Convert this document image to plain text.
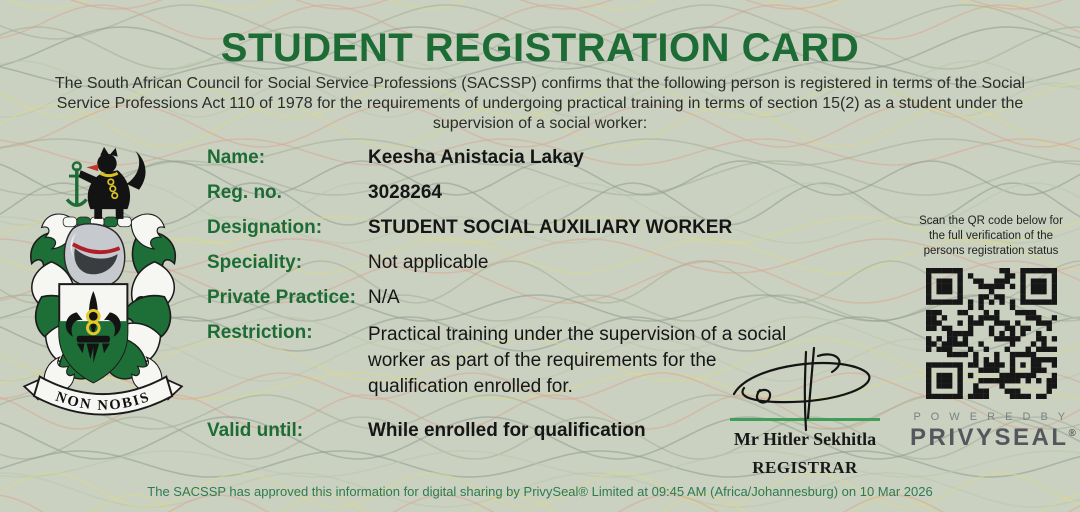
STUDENT REGISTRATION CARD
The South African Council for Social Service Professions (SACSSP) confirms that the following person is registered in terms of the Social Service Professions Act 110 of 1978 for the requirements of undergoing practical training in terms of section 15(2) as a student under the supervision of a social worker:
NON NOBIS
Name:	Keesha Anistacia Lakay
Reg. no.	3028264
Designation:	STUDENT SOCIAL AUXILIARY WORKER
Speciality:	Not applicable
Private Practice: N/A
Restriction:	Practical training under the supervision of a social worker as part of the requirements for the qualification enrolled for.
Valid until:	While enrolled for qualification	Mr Hitler Sekhitla
REGISTRAR
Scan the QR code below for
the full verification of the
persons registration status
P O W E R E D B Y
PRIVYSEAL®
The SACSSP has approved this information for digital sharing by PrivySeal® Limited at 09:45 AM (Africa/Johannesburg) on 10 Mar 2026
